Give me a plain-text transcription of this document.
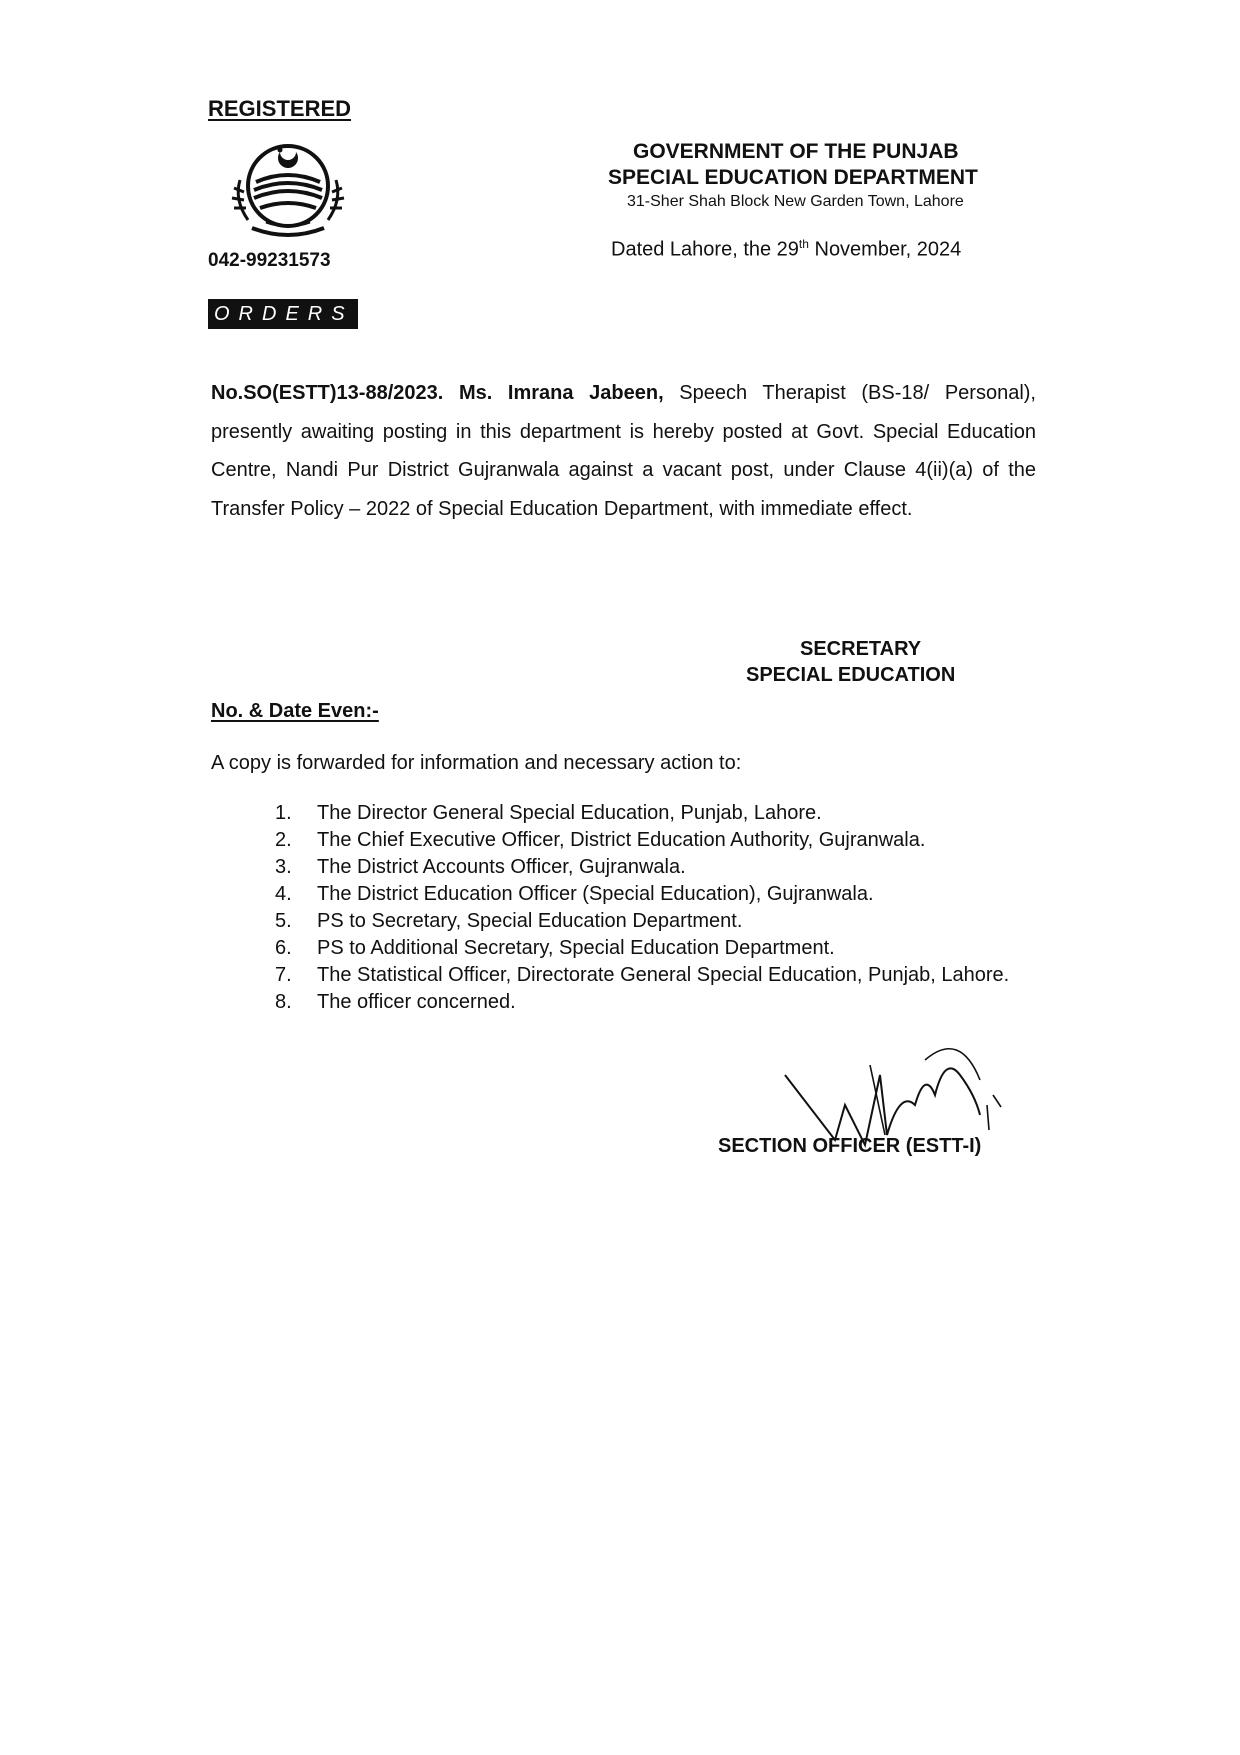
REGISTERED
042-99231573
ORDERS
GOVERNMENT OF THE PUNJAB
SPECIAL EDUCATION DEPARTMENT
31-Sher Shah Block New Garden Town, Lahore
Dated Lahore, the 29th November, 2024
No.SO(ESTT)13-88/2023. Ms. Imrana Jabeen, Speech Therapist (BS-18/ Personal), presently awaiting posting in this department is hereby posted at Govt. Special Education Centre, Nandi Pur District Gujranwala against a vacant post, under Clause 4(ii)(a) of the Transfer Policy – 2022 of Special Education Department, with immediate effect.
SECRETARY
SPECIAL EDUCATION
No. & Date Even:-
A copy is forwarded for information and necessary action to:
1.	The Director General Special Education, Punjab, Lahore.
2.	The Chief Executive Officer, District Education Authority, Gujranwala.
3.	The District Accounts Officer, Gujranwala.
4.	The District Education Officer (Special Education), Gujranwala.
5.	PS to Secretary, Special Education Department.
6.	PS to Additional Secretary, Special Education Department.
7.	The Statistical Officer, Directorate General Special Education, Punjab, Lahore.
8.	The officer concerned.
SECTION OFFICER (ESTT-I)
